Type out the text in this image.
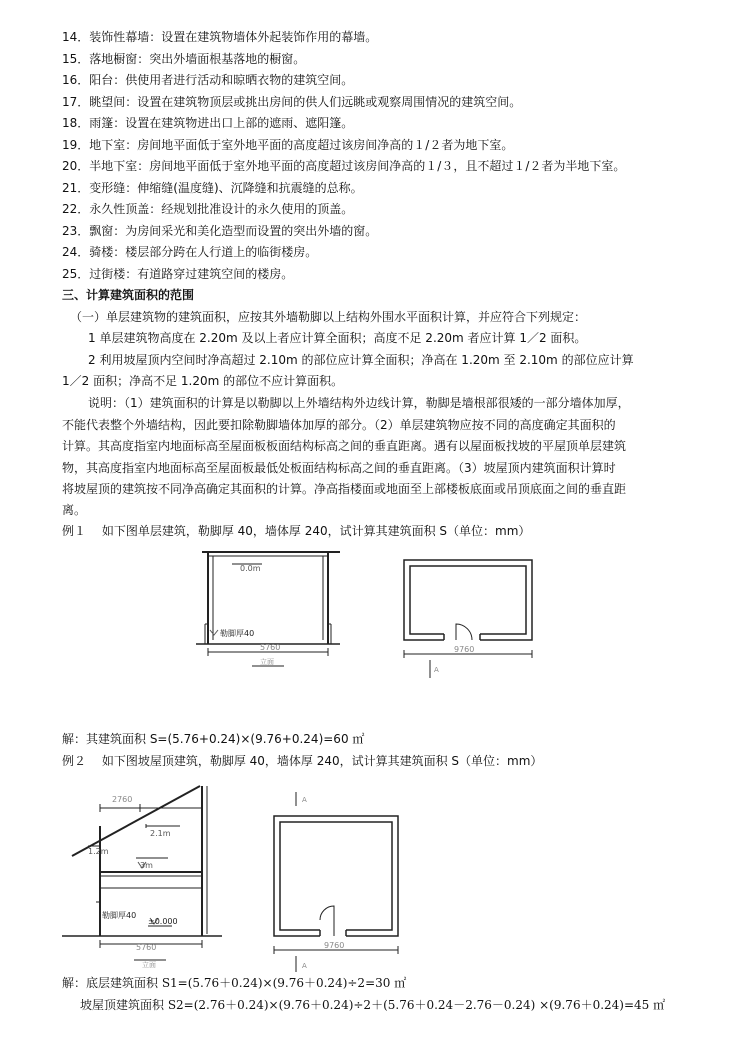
14．装饰性幕墙：设置在建筑物墙体外起装饰作用的幕墙。
15．落地橱窗：突出外墙面根基落地的橱窗。
16．阳台：供使用者进行活动和晾晒衣物的建筑空间。
17．眺望间：设置在建筑物顶层或挑出房间的供人们远眺或观察周围情况的建筑空间。
18．雨篷：设置在建筑物进出口上部的遮雨、遮阳篷。
19．地下室：房间地平面低于室外地平面的高度超过该房间净高的１/２者为地下室。
20．半地下室：房间地平面低于室外地平面的高度超过该房间净高的１/３，且不超过１/２者为半地下室。
21．变形缝：伸缩缝(温度缝)、沉降缝和抗震缝的总称。
22．永久性顶盖：经规划批准设计的永久使用的顶盖。
23．飘窗：为房间采光和美化造型而设置的突出外墙的窗。
24．骑楼：楼层部分跨在人行道上的临街楼房。
25．过街楼：有道路穿过建筑空间的楼房。
三、计算建筑面积的范围
（一）单层建筑物的建筑面积，应按其外墙勒脚以上结构外围水平面积计算，并应符合下列规定：
1 单层建筑物高度在 2.20m 及以上者应计算全面积；高度不足 2.20m 者应计算 1／2 面积。
2 利用坡屋顶内空间时净高超过 2.10m 的部位应计算全面积；净高在 1.20m 至 2.10m 的部位应计算
1／2 面积；净高不足 1.20m 的部位不应计算面积。
说明：（1）建筑面积的计算是以勒脚以上外墙结构外边线计算，勒脚是墙根部很矮的一部分墙体加厚，
不能代表整个外墙结构，因此要扣除勒脚墙体加厚的部分。（2）单层建筑物应按不同的高度确定其面积的
计算。其高度指室内地面标高至屋面板板面结构标高之间的垂直距离。遇有以屋面板找坡的平屋顶单层建筑
物，其高度指室内地面标高至屋面板最低处板面结构标高之间的垂直距离。（3）坡屋顶内建筑面积计算时
将坡屋顶的建筑按不同净高确定其面积的计算。净高指楼面或地面至上部楼板底面或吊顶底面之间的垂直距
离。
例１　 如下图单层建筑，勒脚厚 40，墙体厚 240，试计算其建筑面积 S（单位：mm）
0.0m
勒脚厚40
5760
立面
9760
A
解：其建筑面积 S=(5.76+0.24)×(9.76+0.24)=60 ㎡
例２　 如下图坡屋顶建筑，勒脚厚 40，墙体厚 240，试计算其建筑面积 S（单位：mm）
2760
2.1m
1.2m
3m
勒脚厚40
±0.000
5760
立面
A
9760
A
解：底层建筑面积 S1=(5.76＋0.24)×(9.76＋0.24)÷2=30 ㎡
坡屋顶建筑面积 S2=(2.76＋0.24)×(9.76＋0.24)÷2＋(5.76＋0.24－2.76－0.24) ×(9.76＋0.24)=45 ㎡
